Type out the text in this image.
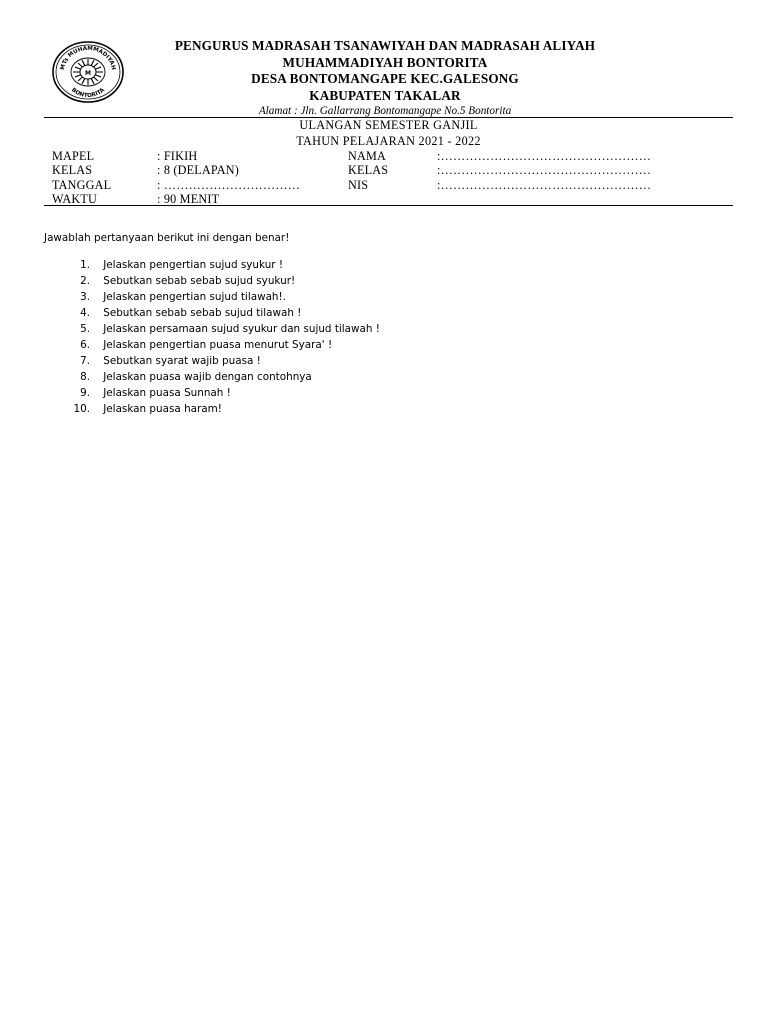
M
MTs MUHAMMADIYAH
BONTORITA
PENGURUS MADRASAH TSANAWIYAH DAN MADRASAH ALIYAH
MUHAMMADIYAH BONTORITA
DESA BONTOMANGAPE KEC.GALESONG
KABUPATEN TAKALAR
Alamat : Jln. Gallarrang Bontomangape No.5 Bontorita
ULANGAN SEMESTER GANJIL
TAHUN PELAJARAN 2021 - 2022
MAPEL
KELAS
TANGGAL
WAKTU
: FIKIH
: 8 (DELAPAN)
: ……………………………
: 90 MENIT
NAMA
KELAS
NIS
:……………………………………………
:……………………………………………
:……………………………………………

Jawablah pertanyaan berikut ini dengan benar!

1.
Jelaskan pengertian sujud syukur !
2.
Sebutkan sebab sebab sujud syukur!
3.
Jelaskan pengertian sujud tilawah!.
4.
Sebutkan sebab sebab sujud tilawah !
5.
Jelaskan persamaan sujud syukur dan sujud tilawah !
6.
Jelaskan pengertian puasa menurut Syara' !
7.
Sebutkan syarat wajib puasa !
8.
Jelaskan puasa wajib dengan contohnya
9.
Jelaskan puasa Sunnah !
10.
Jelaskan puasa haram!
